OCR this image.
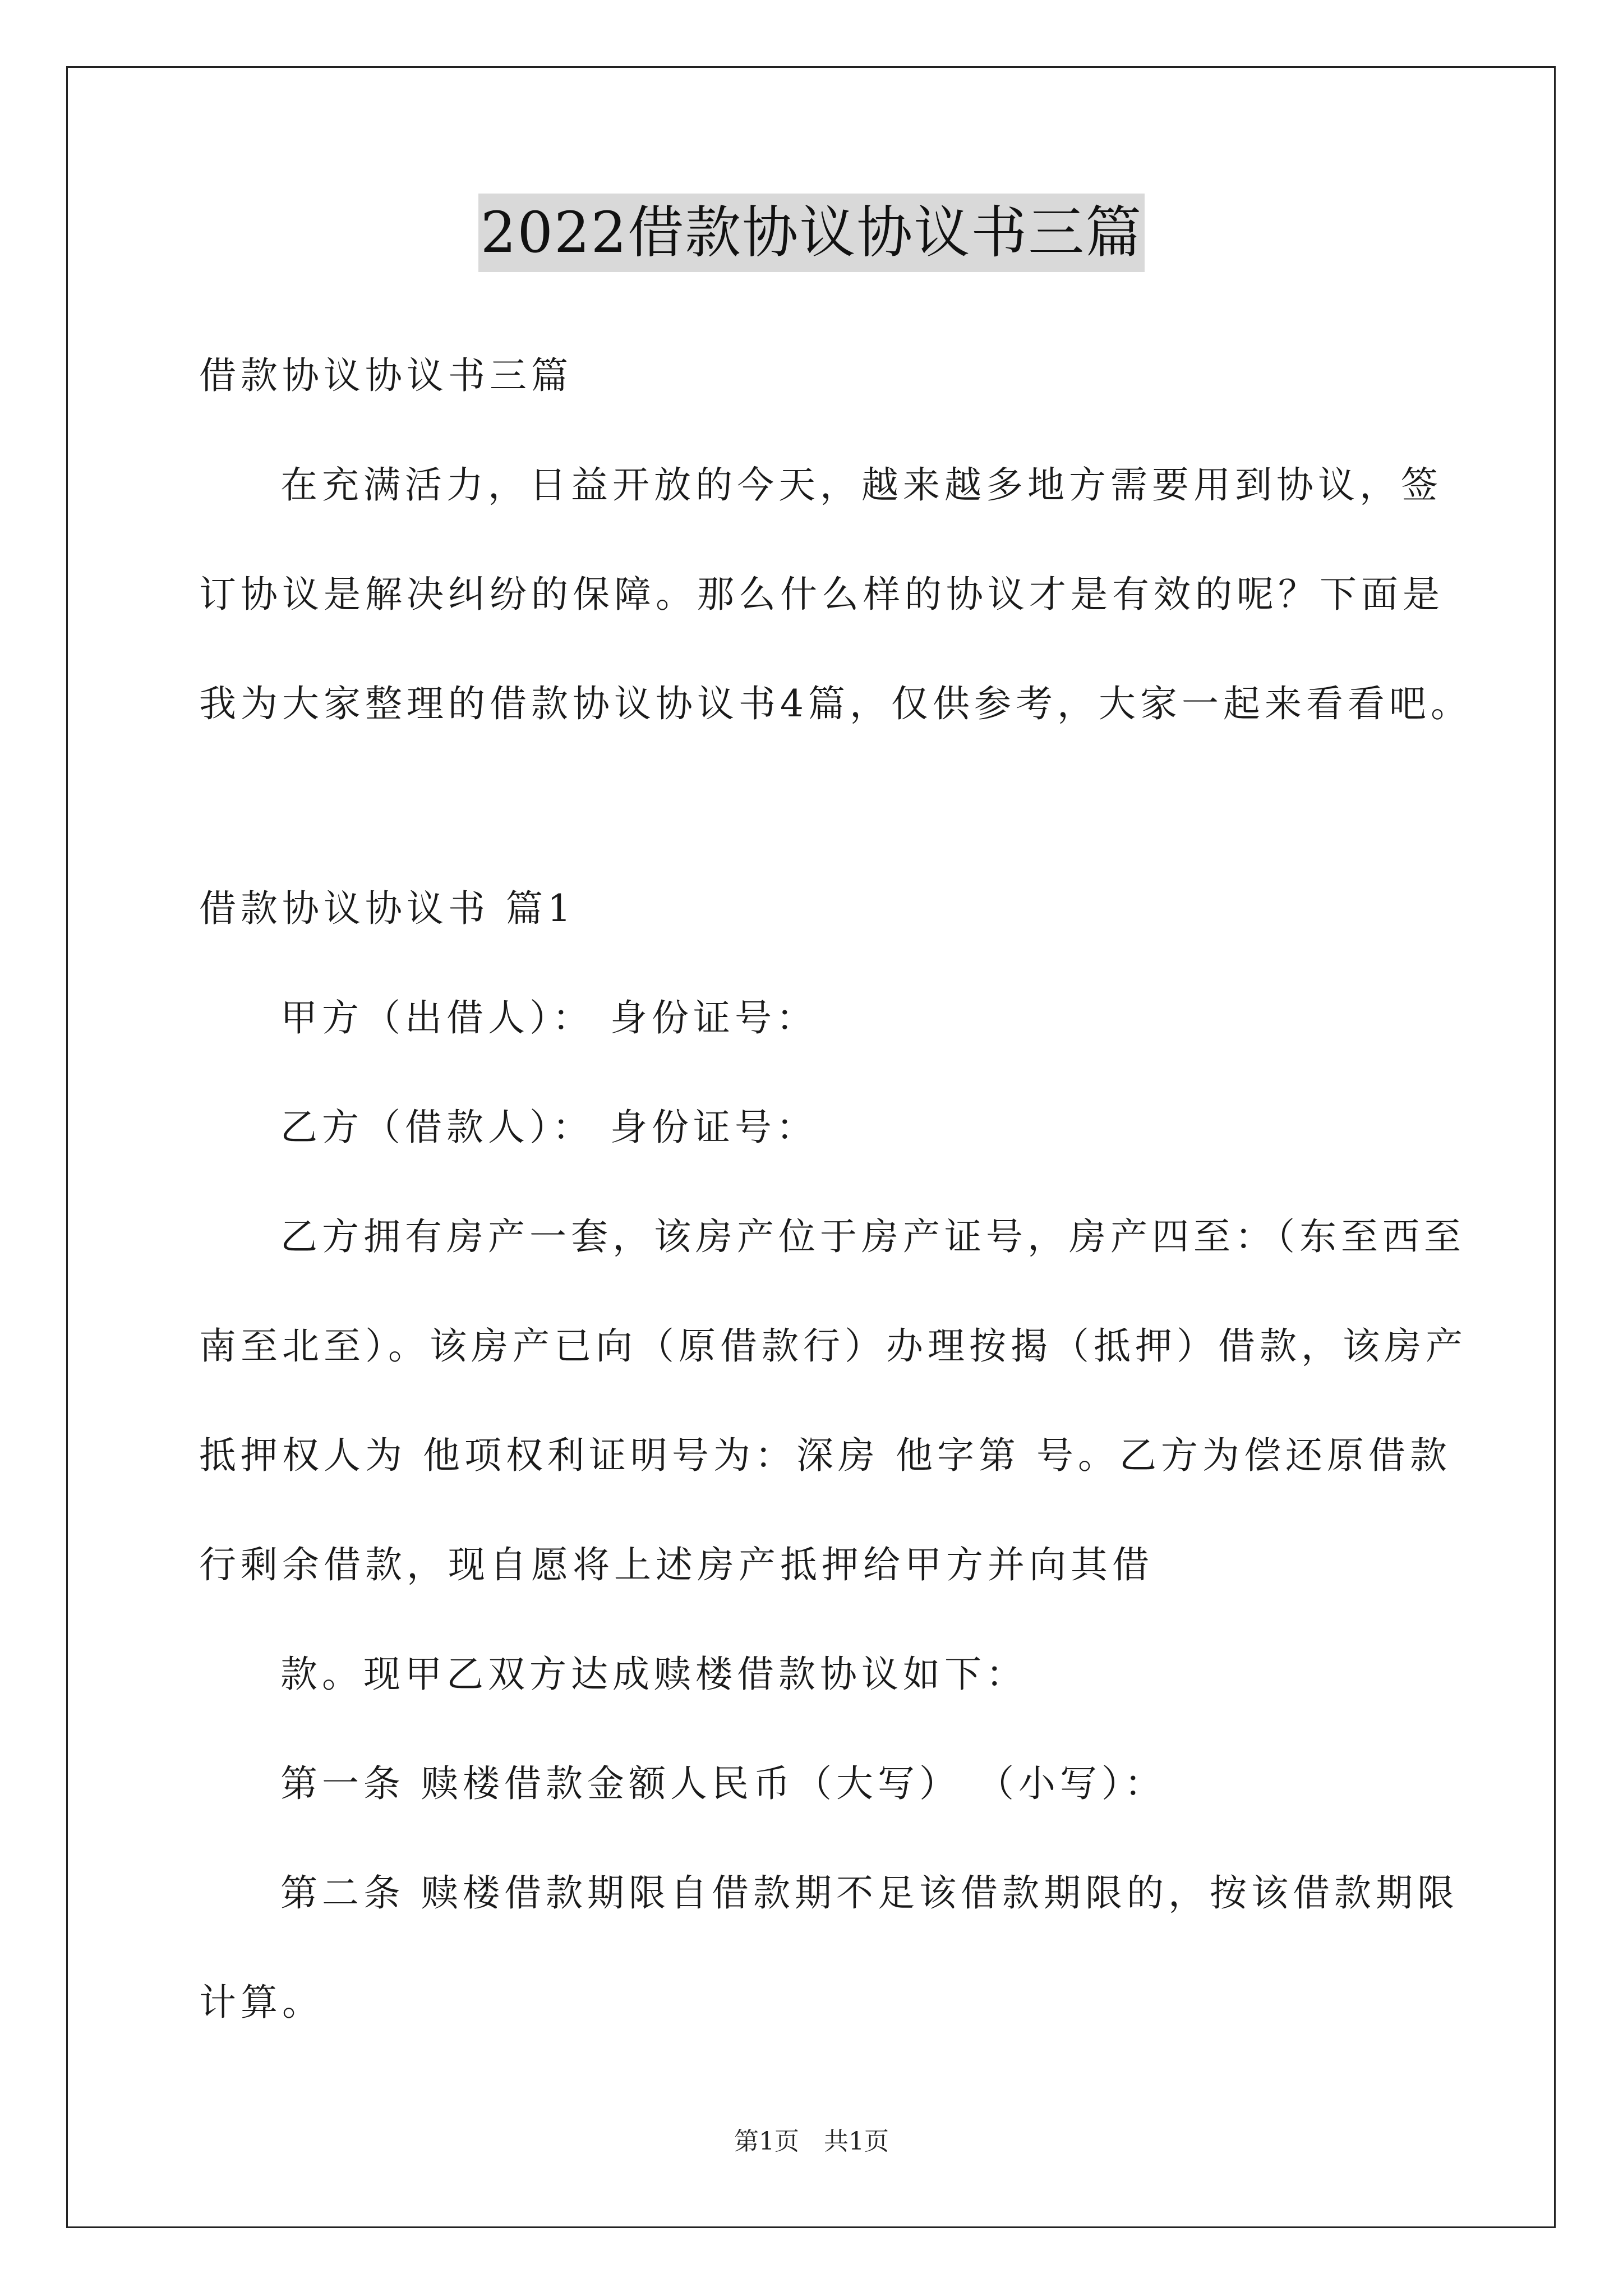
2022借款协议协议书三篇
借款协议协议书三篇
在充满活力，日益开放的今天，越来越多地方需要用到协议，签
订协议是解决纠纷的保障。那么什么样的协议才是有效的呢？下面是
我为大家整理的借款协议协议书4篇，仅供参考，大家一起来看看吧。
借款协议协议书 篇1
甲方（出借人）： 身份证号：
乙方（借款人）： 身份证号：
乙方拥有房产一套，该房产位于房产证号，房产四至：（东至西至
南至北至）。该房产已向（原借款行）办理按揭（抵押）借款，该房产
抵押权人为 他项权利证明号为：深房 他字第 号。乙方为偿还原借款
行剩余借款，现自愿将上述房产抵押给甲方并向其借
款。现甲乙双方达成赎楼借款协议如下：
第一条 赎楼借款金额人民币（大写） （小写）：
第二条 赎楼借款期限自借款期不足该借款期限的，按该借款期限
计算。
第1页　共1页
